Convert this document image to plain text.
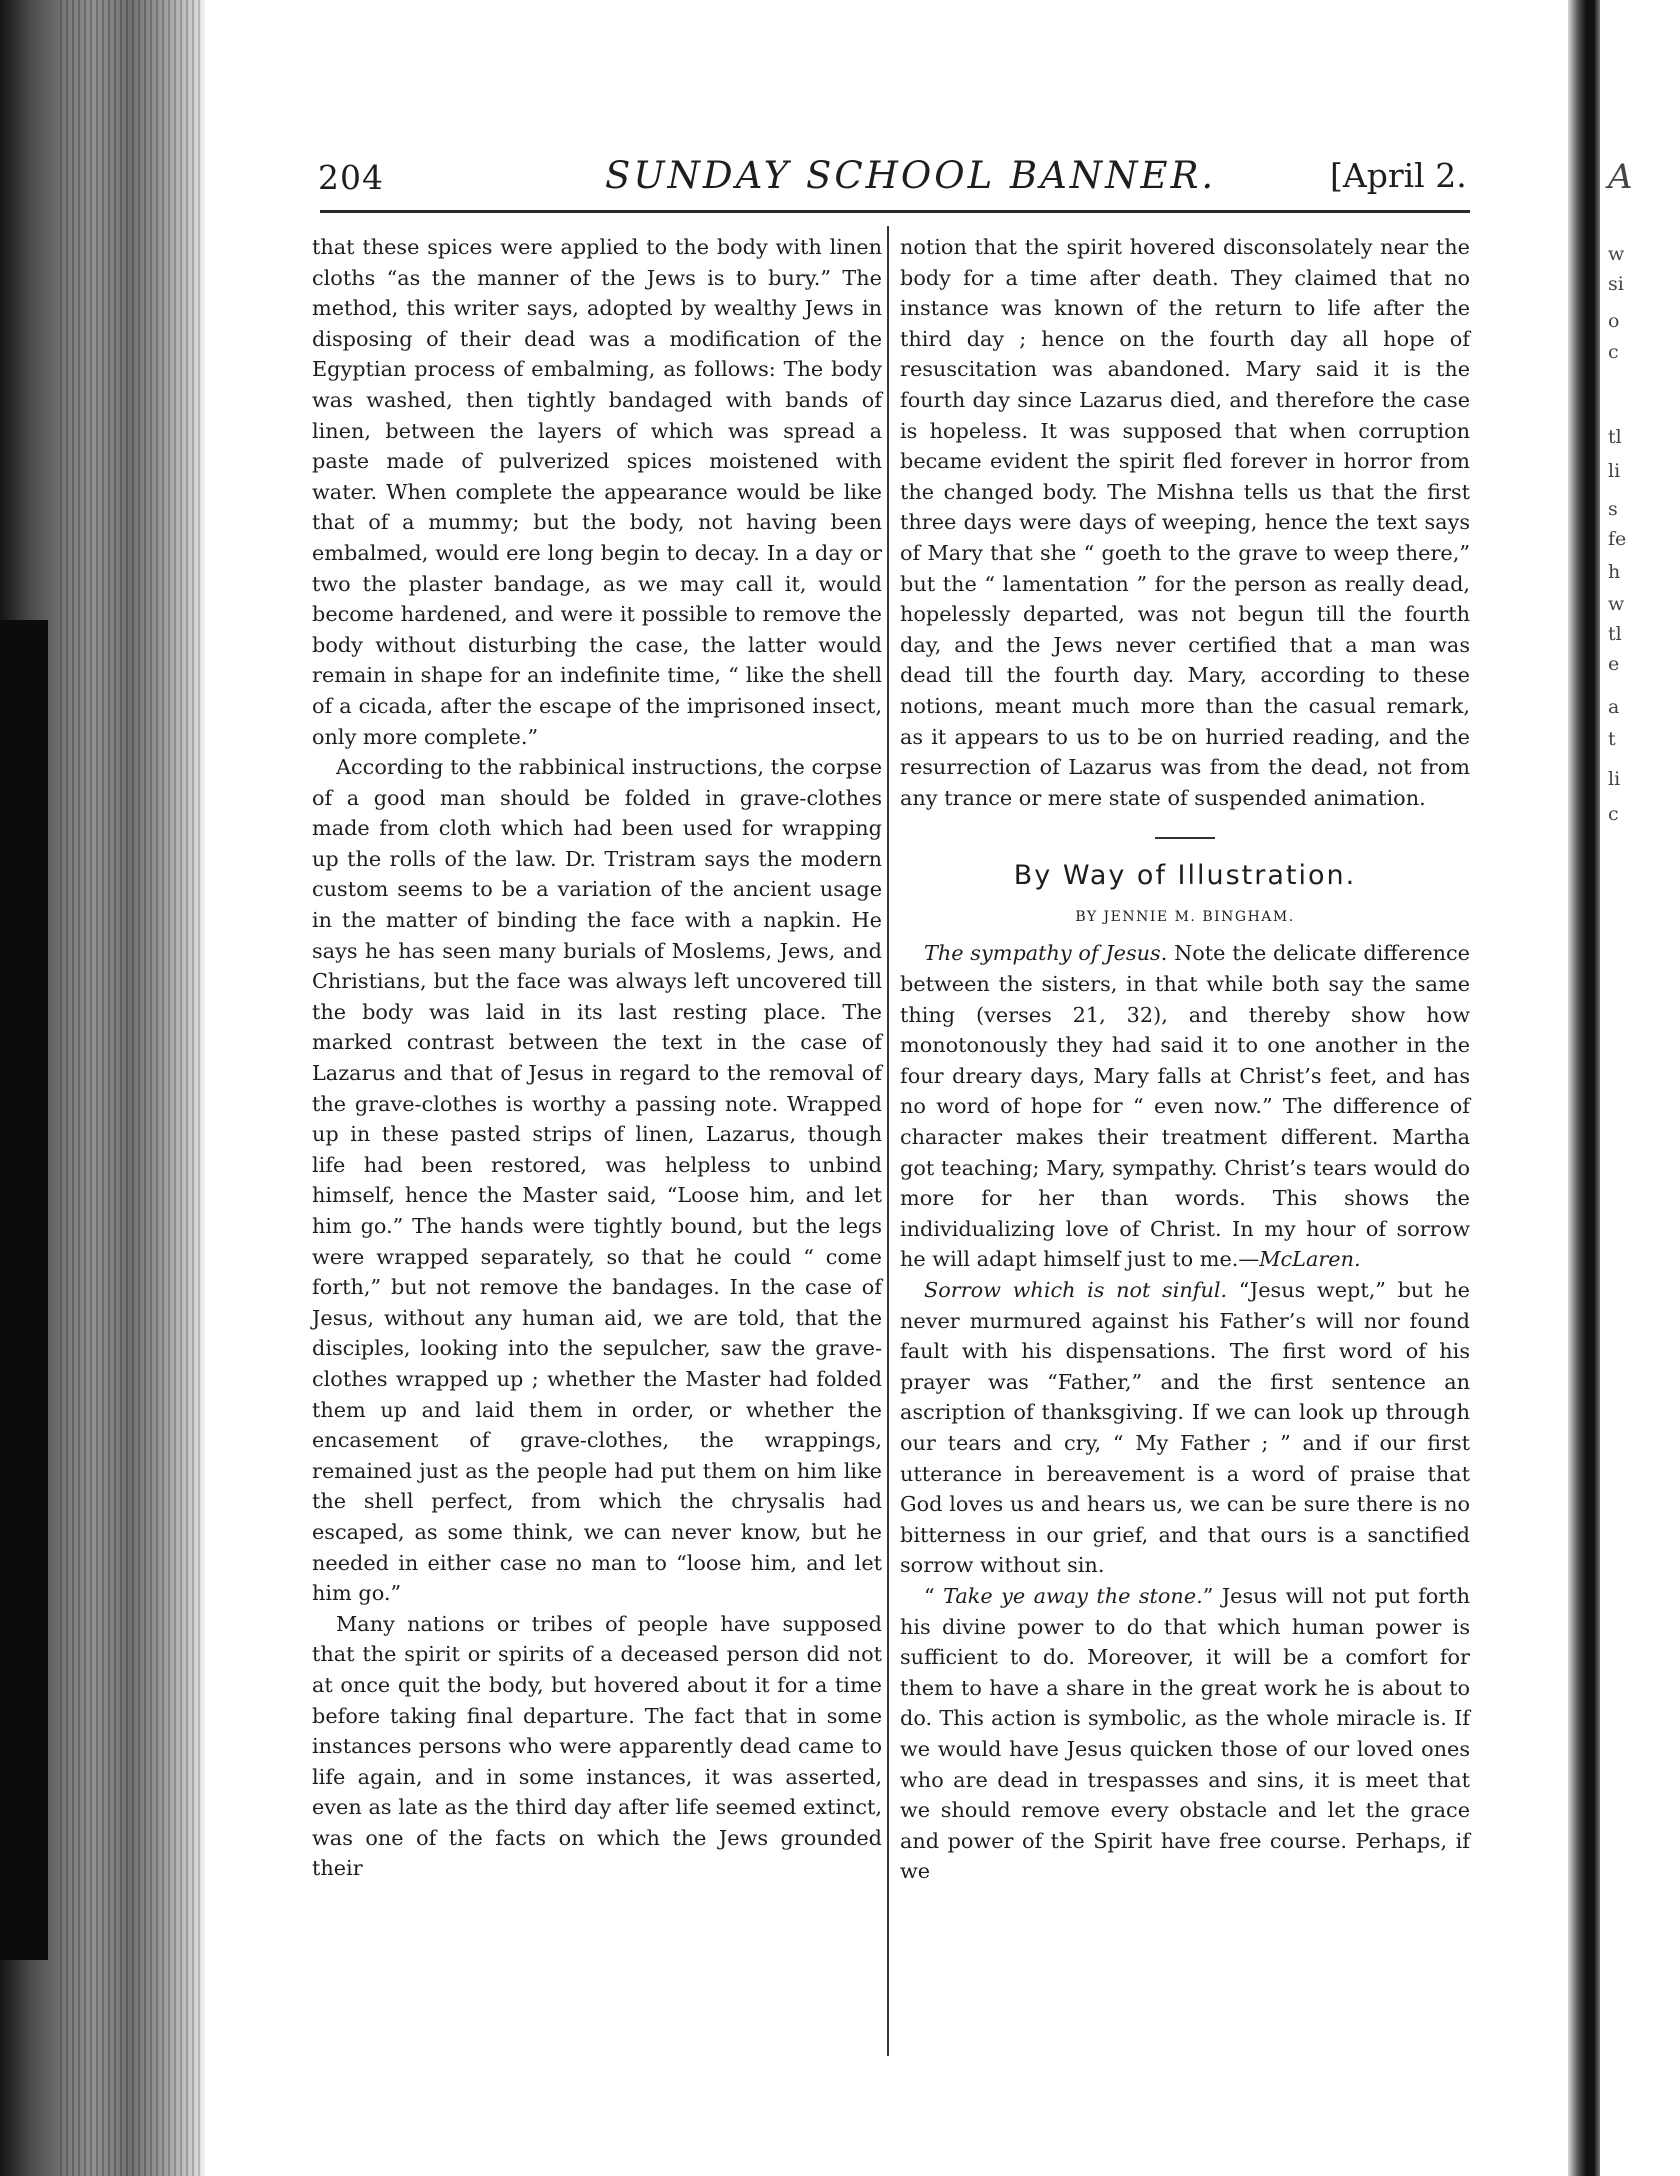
A
w
si
o
c
tl
li
s
fe
h
w
tl
e
a
t
li
c
204	SUNDAY SCHOOL BANNER.	[April 2.

that these spices were applied to the body with linen cloths “as the manner of the Jews is to bury.” The method, this writer says, adopted by wealthy Jews in disposing of their dead was a modification of the Egyptian process of embalming, as follows: The body was washed, then tightly bandaged with bands of linen, between the layers of which was spread a paste made of pulverized spices moistened with water. When complete the appearance would be like that of a mummy; but the body, not having been embalmed, would ere long begin to decay. In a day or two the plaster bandage, as we may call it, would become hardened, and were it possible to remove the body without disturbing the case, the latter would remain in shape for an indefinite time, “ like the shell of a cicada, after the escape of the imprisoned insect, only more complete.”

According to the rabbinical instructions, the corpse of a good man should be folded in grave-clothes made from cloth which had been used for wrapping up the rolls of the law. Dr. Tristram says the modern custom seems to be a variation of the ancient usage in the matter of binding the face with a napkin. He says he has seen many burials of Moslems, Jews, and Christians, but the face was always left uncovered till the body was laid in its last resting place. The marked contrast between the text in the case of Lazarus and that of Jesus in regard to the removal of the grave-clothes is worthy a passing note. Wrapped up in these pasted strips of linen, Lazarus, though life had been restored, was helpless to unbind himself, hence the Master said, “Loose him, and let him go.” The hands were tightly bound, but the legs were wrapped separately, so that he could “ come forth,” but not remove the bandages. In the case of Jesus, without any human aid, we are told, that the disciples, looking into the sepulcher, saw the grave-clothes wrapped up ; whether the Master had folded them up and laid them in order, or whether the encasement of grave-clothes, the wrappings, remained just as the people had put them on him like the shell perfect, from which the chrysalis had escaped, as some think, we can never know, but he needed in either case no man to “loose him, and let him go.”

Many nations or tribes of people have supposed that the spirit or spirits of a deceased person did not at once quit the body, but hovered about it for a time before taking final departure. The fact that in some instances persons who were apparently dead came to life again, and in some instances, it was asserted, even as late as the third day after life seemed extinct, was one of the facts on which the Jews grounded their

notion that the spirit hovered disconsolately near the body for a time after death. They claimed that no instance was known of the return to life after the third day ; hence on the fourth day all hope of resuscitation was abandoned. Mary said it is the fourth day since Lazarus died, and therefore the case is hopeless. It was supposed that when corruption became evident the spirit fled forever in horror from the changed body. The Mishna tells us that the first three days were days of weeping, hence the text says of Mary that she “ goeth to the grave to weep there,” but the “ lamentation ” for the person as really dead, hopelessly departed, was not begun till the fourth day, and the Jews never certified that a man was dead till the fourth day. Mary, according to these notions, meant much more than the casual remark, as it appears to us to be on hurried reading, and the resurrection of Lazarus was from the dead, not from any trance or mere state of suspended animation.

By Way of Illustration.
BY JENNIE M. BINGHAM.

The sympathy of Jesus. Note the delicate difference between the sisters, in that while both say the same thing (verses 21, 32), and thereby show how monotonously they had said it to one another in the four dreary days, Mary falls at Christ’s feet, and has no word of hope for “ even now.” The difference of character makes their treatment different. Martha got teaching; Mary, sympathy. Christ’s tears would do more for her than words. This shows the individualizing love of Christ. In my hour of sorrow he will adapt himself just to me.—McLaren.

Sorrow which is not sinful. “Jesus wept,” but he never murmured against his Father’s will nor found fault with his dispensations. The first word of his prayer was “Father,” and the first sentence an ascription of thanksgiving. If we can look up through our tears and cry, “ My Father ; ” and if our first utterance in bereavement is a word of praise that God loves us and hears us, we can be sure there is no bitterness in our grief, and that ours is a sanctified sorrow without sin.

“ Take ye away the stone.” Jesus will not put forth his divine power to do that which human power is sufficient to do. Moreover, it will be a comfort for them to have a share in the great work he is about to do. This action is symbolic, as the whole miracle is. If we would have Jesus quicken those of our loved ones who are dead in trespasses and sins, it is meet that we should remove every obstacle and let the grace and power of the Spirit have free course. Perhaps, if we
